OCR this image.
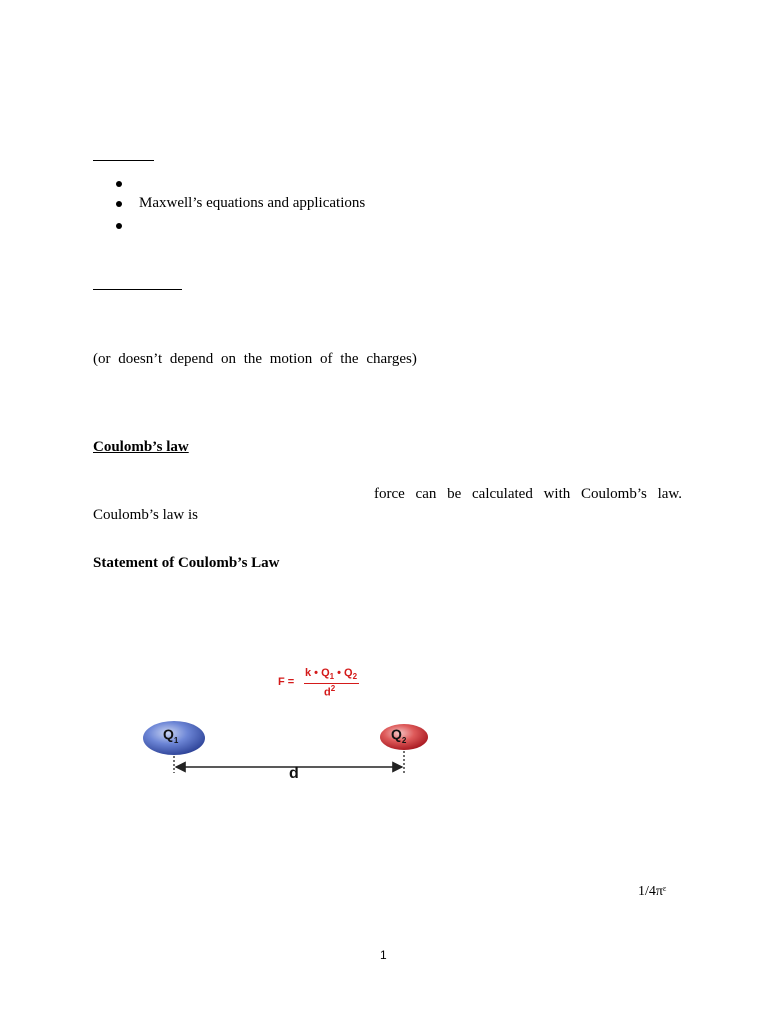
Maxwell’s equations and applications
(or doesn’t depend on the motion of the charges)
Coulomb’s law
force can be calculated with Coulomb’s law.
Coulomb’s law is
Statement of Coulomb’s Law
F =
k • $Q_1$ • $Q_2$
$d^2$
$Q_1$	$Q_2$
d
1/4πᵋ
1
